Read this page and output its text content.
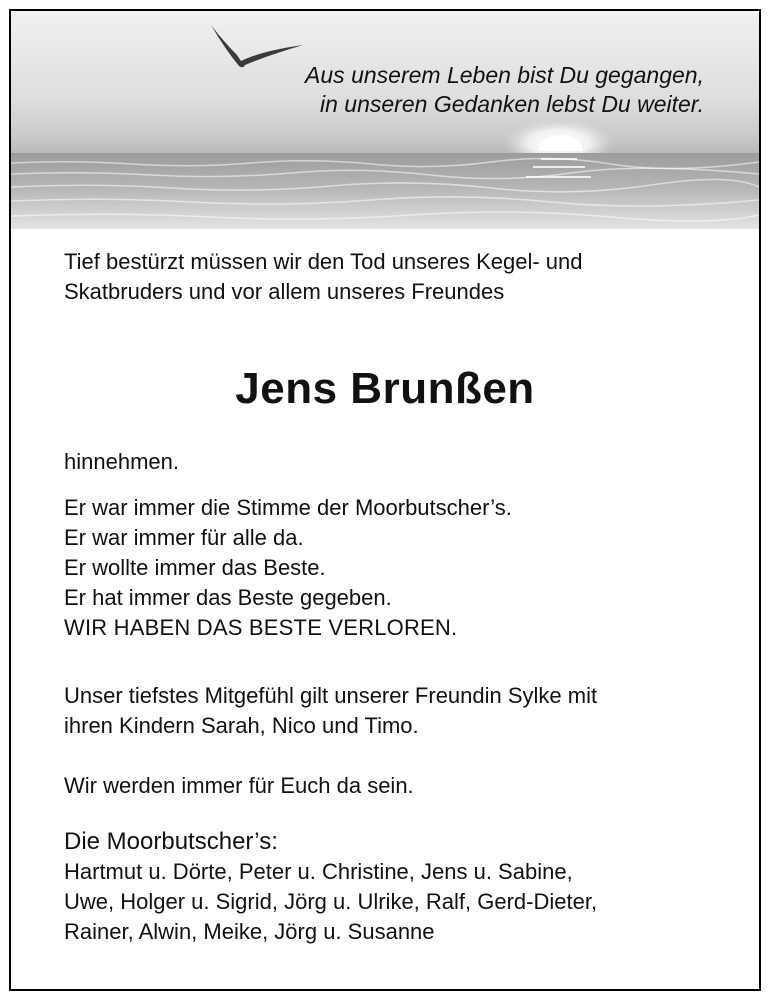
Aus unserem Leben bist Du gegangen,
in unseren Gedanken lebst Du weiter.
Tief bestürzt müssen wir den Tod unseres Kegel- und
Skatbruders und vor allem unseres Freundes
Jens Brunßen
hinnehmen.
Er war immer die Stimme der Moorbutscher’s.
Er war immer für alle da.
Er wollte immer das Beste.
Er hat immer das Beste gegeben.
WIR HABEN DAS BESTE VERLOREN.
Unser tiefstes Mitgefühl gilt unserer Freundin Sylke mit
ihren Kindern Sarah, Nico und Timo.
Wir werden immer für Euch da sein.
Die Moorbutscher’s:
Hartmut u. Dörte, Peter u. Christine, Jens u. Sabine,
Uwe, Holger u. Sigrid, Jörg u. Ulrike, Ralf, Gerd-Dieter,
Rainer, Alwin, Meike, Jörg u. Susanne
